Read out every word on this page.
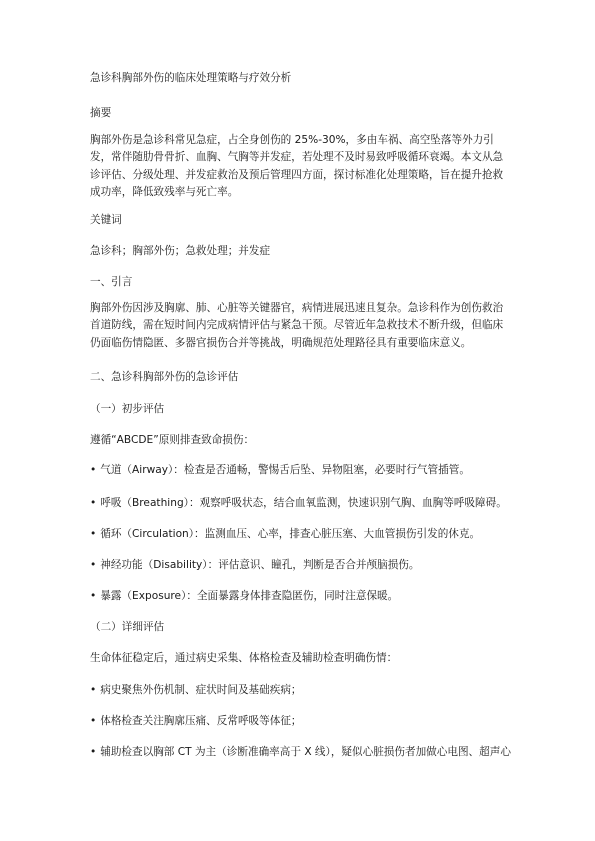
急诊科胸部外伤的临床处理策略与疗效分析

摘要

胸部外伤是急诊科常见急症，占全身创伤的 25%-30%，多由车祸、高空坠落等外力引发，常伴随肋骨骨折、血胸、气胸等并发症，若处理不及时易致呼吸循环衰竭。本文从急诊评估、分级处理、并发症救治及预后管理四方面，探讨标准化处理策略，旨在提升抢救成功率，降低致残率与死亡率。

关键词

急诊科；胸部外伤；急救处理；并发症

一、引言

胸部外伤因涉及胸廓、肺、心脏等关键器官，病情进展迅速且复杂。急诊科作为创伤救治首道防线，需在短时间内完成病情评估与紧急干预。尽管近年急救技术不断升级，但临床仍面临伤情隐匿、多器官损伤合并等挑战，明确规范处理路径具有重要临床意义。

二、急诊科胸部外伤的急诊评估

（一）初步评估

遵循“ABCDE”原则排查致命损伤：

• 气道（Airway）：检查是否通畅，警惕舌后坠、异物阻塞，必要时行气管插管。

• 呼吸（Breathing）：观察呼吸状态，结合血氧监测，快速识别气胸、血胸等呼吸障碍。

• 循环（Circulation）：监测血压、心率，排查心脏压塞、大血管损伤引发的休克。

• 神经功能（Disability）：评估意识、瞳孔，判断是否合并颅脑损伤。

• 暴露（Exposure）：全面暴露身体排查隐匿伤，同时注意保暖。

（二）详细评估

生命体征稳定后，通过病史采集、体格检查及辅助检查明确伤情：

• 病史聚焦外伤机制、症状时间及基础疾病；

• 体格检查关注胸廓压痛、反常呼吸等体征；

• 辅助检查以胸部 CT 为主（诊断准确率高于 X 线），疑似心脏损伤者加做心电图、超声心
